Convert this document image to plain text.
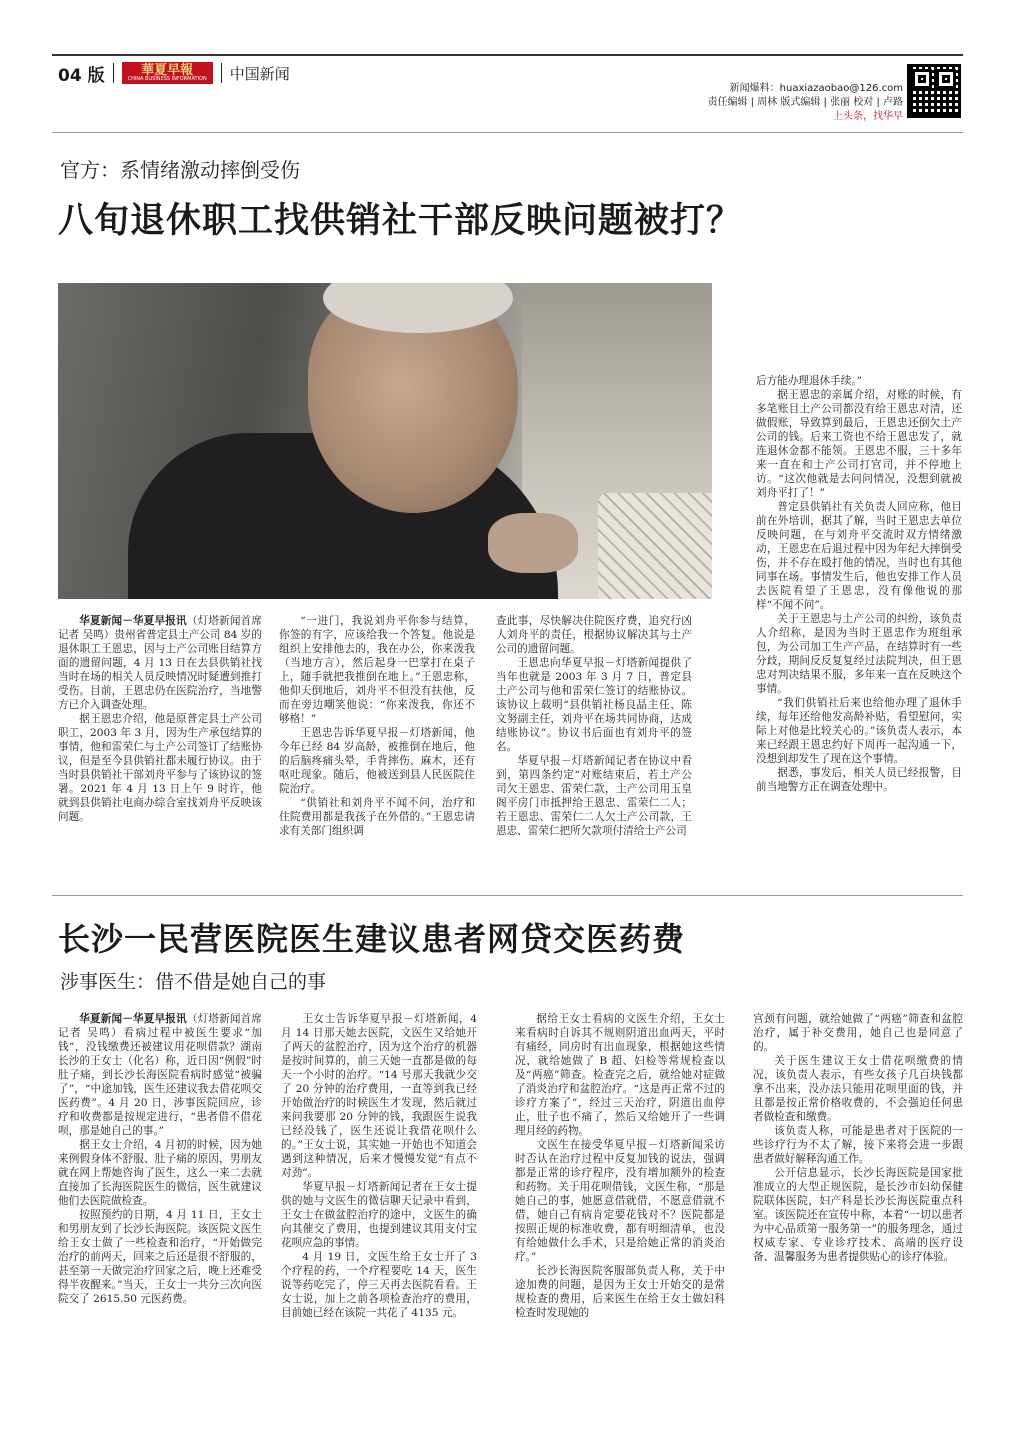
04 版	華夏早報
CHINA BUSINESS INFORMATION 中国新闻
新闻爆料：huaxiazaobao@126.com
责任编辑 | 周林 版式编辑 | 张丽 校对 | 卢路
上头条，找华早
官方：系情绪激动摔倒受伤
八旬退休职工找供销社干部反映问题被打？

华夏新闻－华夏早报讯（灯塔新闻首席记者 吴鸣）贵州省普定县土产公司 84 岁的退休职工王恩忠，因与土产公司账目结算方面的遗留问题，4 月 13 日在去县供销社找当时在场的相关人员反映情况时疑遭到推打受伤。目前，王恩忠仍在医院治疗，当地警方已介入调查处理。

据王恩忠介绍，他是原普定县土产公司职工，2003 年 3 月，因为生产承包结算的事情，他和雷荣仁与土产公司签订了结账协议，但是至今县供销社都未履行协议。由于当时县供销社干部刘舟平参与了该协议的签署。2021 年 4 月 13 日上午 9 时许，他就到县供销社电商办综合室找刘舟平反映该问题。

“一进门，我说刘舟平你参与结算，你签的有字，应该给我一个答复。他说是组织上安排他去的，我在办公，你来泼我（当地方言），然后起身一巴掌打在桌子上，随手就把我推倒在地上。”王恩忠称，他仰天倒地后，刘舟平不但没有扶他，反而在旁边嘲笑他说：“你来泼我，你还不够格！”

王恩忠告诉华夏早报－灯塔新闻，他今年已经 84 岁高龄，被推倒在地后，他的后脑疼痛头晕，手背摔伤、麻木，还有呕吐现象。随后，他被送到县人民医院住院治疗。

“供销社和刘舟平不闻不问，治疗和住院费用都是我孩子在外借的。”王恩忠请求有关部门组织调

查此事，尽快解决住院医疗费，追究行凶人刘舟平的责任，根据协议解决其与土产公司的遗留问题。

王恩忠向华夏早报－灯塔新闻提供了当年也就是 2003 年 3 月 7 日，普定县土产公司与他和雷荣仁签订的结账协议。该协议上载明“县供销社杨良晶主任、陈文努副主任，刘舟平在场共同协商，达成结账协议”。协议书后面也有刘舟平的签名。

华夏早报－灯塔新闻记者在协议中看到，第四条约定“对账结束后，若土产公司欠王恩忠、雷荣仁款，土产公司用玉皇阁平房门市抵押给王恩忠、雷荣仁二人；若王恩忠、雷荣仁二人欠土产公司款，王恩忠、雷荣仁把所欠款项付清给土产公司

后方能办理退休手续。”

据王恩忠的亲属介绍，对账的时候，有多笔账目土产公司都没有给王恩忠对清，还做假账，导致算到最后，王恩忠还倒欠土产公司的钱。后来工资也不给王恩忠发了，就连退休金都不能领。王恩忠不服，三十多年来一直在和土产公司打官司，并不停地上访。“这次他就是去问问情况，没想到就被刘舟平打了！”

普定县供销社有关负责人回应称，他目前在外培训，据其了解，当时王恩忠去单位反映问题，在与刘舟平交流时双方情绪激动，王恩忠在后退过程中因为年纪大摔倒受伤，并不存在殴打他的情况，当时也有其他同事在场。事情发生后，他也安排工作人员去医院看望了王恩忠，没有像他说的那样“不闻不问”。

关于王恩忠与土产公司的纠纷，该负责人介绍称，是因为当时王恩忠作为班组承包，为公司加工生产产品，在结算时有一些分歧，期间反反复复经过法院判决，但王恩忠对判决结果不服，多年来一直在反映这个事情。

“我们供销社后来也给他办理了退休手续，每年还给他发高龄补贴，看望慰问，实际上对他是比较关心的。”该负责人表示，本来已经跟王恩忠约好下周再一起沟通一下，没想到却发生了现在这个事情。

据悉，事发后，相关人员已经报警，目前当地警方正在调查处理中。

长沙一民营医院医生建议患者网贷交医药费
涉事医生：借不借是她自己的事

华夏新闻－华夏早报讯（灯塔新闻首席记者 吴鸣）看病过程中被医生要求“加钱”，没钱缴费还被建议用花呗借款？湖南长沙的王女士（化名）称，近日因“例假”时肚子痛，到长沙长海医院看病时感觉“被骗了”，“中途加钱，医生还建议我去借花呗交医药费”。4 月 20 日，涉事医院回应，诊疗和收费都是按规定进行，“患者借不借花呗，那是她自己的事。”

据王女士介绍，4 月初的时候，因为她来例假身体不舒服、肚子痛的原因，男朋友就在网上帮她咨询了医生，这么一来二去就直接加了长海医院医生的微信，医生就建议他们去医院做检查。

按照预约的日期，4 月 11 日，王女士和男朋友到了长沙长海医院。该医院文医生给王女士做了一些检查和治疗，“开始做完治疗的前两天，回来之后还是很不舒服的，甚至第一天做完治疗回家之后，晚上还难受得半夜醒来。”当天，王女士一共分三次向医院交了 2615.50 元医药费。

王女士告诉华夏早报－灯塔新闻，4 月 14 日那天她去医院，文医生又给她开了两天的盆腔治疗，因为这个治疗的机器是按时间算的，前三天她一直都是做的每天一个小时的治疗。“14 号那天我就少交了 20 分钟的治疗费用，一直等到我已经开始做治疗的时候医生才发现，然后就过来问我要那 20 分钟的钱，我跟医生说我已经没钱了，医生还说让我借花呗什么的。”王女士说，其实她一开始也不知道会遇到这种情况，后来才慢慢发觉“有点不对劲”。

华夏早报－灯塔新闻记者在王女士提供的她与文医生的微信聊天记录中看到，王女士在做盆腔治疗的途中，文医生的确向其催交了费用，也提到建议其用支付宝花呗应急的事情。

4 月 19 日，文医生给王女士开了 3 个疗程的药，一个疗程要吃 14 天，医生说等药吃完了，停三天再去医院看看。王女士说，加上之前各项检查治疗的费用，目前她已经在该院一共花了 4135 元。

据给王女士看病的文医生介绍，王女士来看病时自诉其不规则阴道出血两天，平时有痛经，同房时有出血现象，根据她这些情况，就给她做了 B 超、妇检等常规检查以及“两癌”筛查。检查完之后，就给她对症做了消炎治疗和盆腔治疗。“这是再正常不过的诊疗方案了”，经过三天治疗，阴道出血停止，肚子也不痛了，然后又给她开了一些调理月经的药物。

文医生在接受华夏早报－灯塔新闻采访时否认在治疗过程中反复加钱的说法，强调都是正常的诊疗程序，没有增加额外的检查和药物。关于用花呗借钱，文医生称，“那是她自己的事，她愿意借就借，不愿意借就不借，她自己有病肯定要花钱对不？医院都是按照正规的标准收费，都有明细清单，也没有给她做什么手术，只是给她正常的消炎治疗。”

长沙长海医院客服部负责人称，关于中途加费的问题，是因为王女士开始交的是常规检查的费用，后来医生在给王女士做妇科检查时发现她的

宫颈有问题，就给她做了“两癌”筛查和盆腔治疗，属于补交费用，她自己也是同意了的。

关于医生建议王女士借花呗缴费的情况，该负责人表示，有些女孩子几百块钱都拿不出来，没办法只能用花呗里面的钱，并且都是按正常价格收费的，不会强迫任何患者做检查和缴费。

该负责人称，可能是患者对于医院的一些诊疗行为不太了解，接下来将会进一步跟患者做好解释沟通工作。

公开信息显示，长沙长海医院是国家批准成立的大型正规医院，是长沙市妇幼保健院联体医院，妇产科是长沙长海医院重点科室。该医院还在宣传中称，本着“一切以患者为中心品质第一服务第一”的服务理念，通过权威专家、专业诊疗技术、高端的医疗设备、温馨服务为患者提供贴心的诊疗体验。
